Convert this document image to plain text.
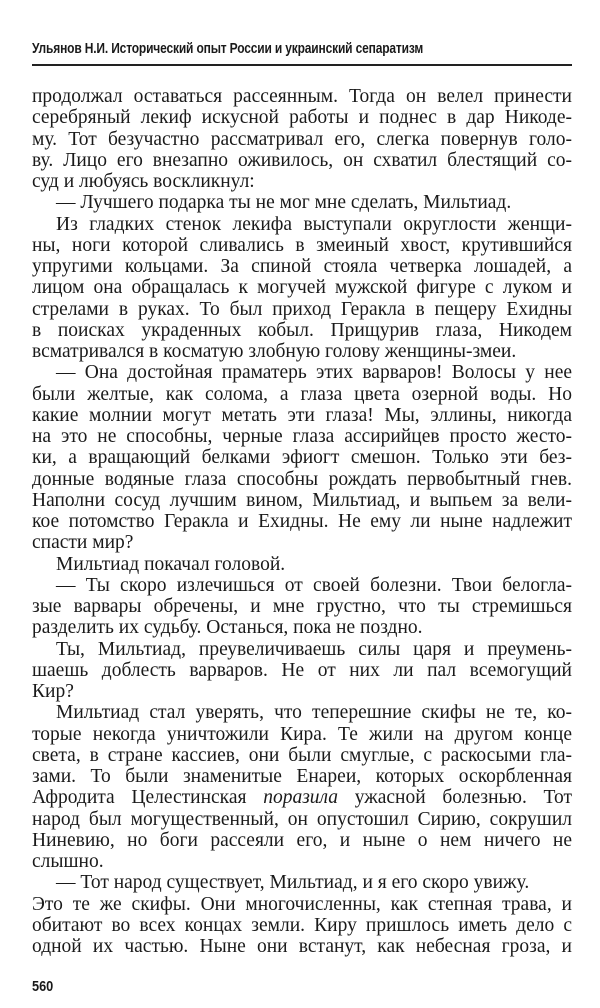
Ульянов Н.И. Исторический опыт России и украинский сепаратизм
продолжал оставаться рассеянным. Тогда он велел принести
серебряный лекиф искусной работы и поднес в дар Никоде-
му. Тот безучастно рассматривал его, слегка повернув голо-
ву. Лицо его внезапно оживилось, он схватил блестящий со-
суд и любуясь воскликнул:
— Лучшего подарка ты не мог мне сделать, Мильтиад.
Из гладких стенок лекифа выступали округлости женщи-
ны, ноги которой сливались в змеиный хвост, крутившийся
упругими кольцами. За спиной стояла четверка лошадей, а
лицом она обращалась к могучей мужской фигуре с луком и
стрелами в руках. То был приход Геракла в пещеру Ехидны
в поисках украденных кобыл. Прищурив глаза, Никодем
всматривался в косматую злобную голову женщины-змеи.
— Она достойная праматерь этих варваров! Волосы у нее
были желтые, как солома, а глаза цвета озерной воды. Но
какие молнии могут метать эти глаза! Мы, эллины, никогда
на это не способны, черные глаза ассирийцев просто жесто-
ки, а вращающий белками эфиогт смешон. Только эти без-
донные водяные глаза способны рождать первобытный гнев.
Наполни сосуд лучшим вином, Мильтиад, и выпьем за вели-
кое потомство Геракла и Ехидны. Не ему ли ныне надлежит
спасти мир?
Мильтиад покачал головой.
— Ты скоро излечишься от своей болезни. Твои белогла-
зые варвары обречены, и мне грустно, что ты стремишься
разделить их судьбу. Останься, пока не поздно.
Ты, Мильтиад, преувеличиваешь силы царя и преумень-
шаешь доблесть варваров. Не от них ли пал всемогущий
Кир?
Мильтиад стал уверять, что теперешние скифы не те, ко-
торые некогда уничтожили Кира. Те жили на другом конце
света, в стране кассиев, они были смуглые, с раскосыми гла-
зами. То были знаменитые Енареи, которых оскорбленная
Афродита Целестинская поразила ужасной болезнью. Тот
народ был могущественный, он опустошил Сирию, сокрушил
Ниневию, но боги рассеяли его, и ныне о нем ничего не
слышно.
— Тот народ существует, Мильтиад, и я его скоро увижу.
Это те же скифы. Они многочисленны, как степная трава, и
обитают во всех концах земли. Киру пришлось иметь дело с
одной их частью. Ныне они встанут, как небесная гроза, и
560
